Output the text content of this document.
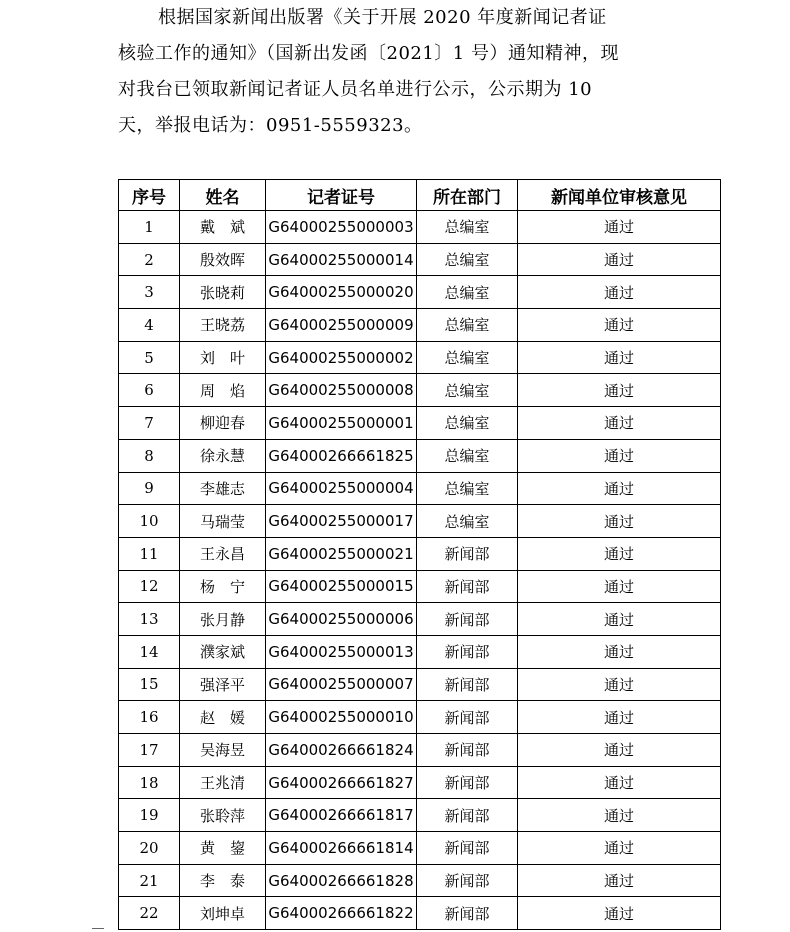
根据国家新闻出版署《关于开展 2020 年度新闻记者证

核验工作的通知》（国新出发函〔2021〕1 号）通知精神，现

对我台已领取新闻记者证人员名单进行公示，公示期为 10

天，举报电话为：0951-5559323。

序号	姓名	记者证号	所在部门	新闻单位审核意见
1	戴　斌	G64000255000003	总编室	通过
2	殷效晖	G64000255000014	总编室	通过
3	张晓莉	G64000255000020	总编室	通过
4	王晓荔	G64000255000009	总编室	通过
5	刘　叶	G64000255000002	总编室	通过
6	周　焰	G64000255000008	总编室	通过
7	柳迎春	G64000255000001	总编室	通过
8	徐永慧	G64000266661825	总编室	通过
9	李雄志	G64000255000004	总编室	通过
10	马瑞莹	G64000255000017	总编室	通过
11	王永昌	G64000255000021	新闻部	通过
12	杨　宁	G64000255000015	新闻部	通过
13	张月静	G64000255000006	新闻部	通过
14	濮家斌	G64000255000013	新闻部	通过
15	强泽平	G64000255000007	新闻部	通过
16	赵　媛	G64000255000010	新闻部	通过
17	吴海昱	G64000266661824	新闻部	通过
18	王兆清	G64000266661827	新闻部	通过
19	张聆萍	G64000266661817	新闻部	通过
20	黄　鋆	G64000266661814	新闻部	通过
21	李　泰	G64000266661828	新闻部	通过
22	刘坤卓	G64000266661822	新闻部	通过
